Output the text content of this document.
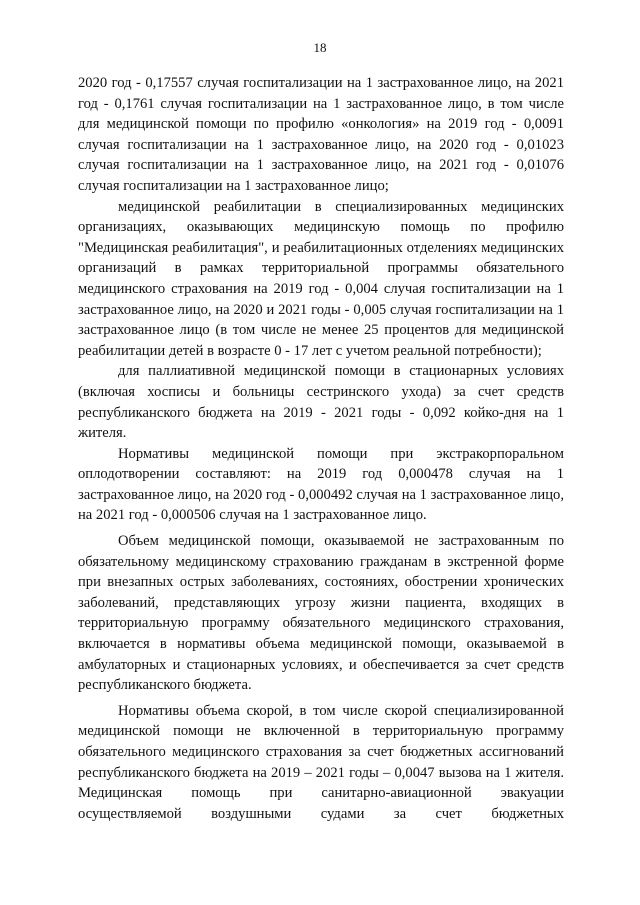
18

2020 год - 0,17557 случая госпитализации на 1 застрахованное лицо, на 2021 год - 0,1761 случая госпитализации на 1 застрахованное лицо, в том числе для медицинской помощи по профилю «онкология» на 2019 год - 0,0091 случая госпитализации на 1 застрахованное лицо, на 2020 год - 0,01023 случая госпитализации на 1 застрахованное лицо, на 2021 год - 0,01076 случая госпитализации на 1 застрахованное лицо;

медицинской реабилитации в специализированных медицинских организациях, оказывающих медицинскую помощь по профилю "Медицинская реабилитация", и реабилитационных отделениях медицинских организаций в рамках территориальной программы обязательного медицинского страхования на 2019 год - 0,004 случая госпитализации на 1 застрахованное лицо, на 2020 и 2021 годы - 0,005 случая госпитализации на 1 застрахованное лицо (в том числе не менее 25 процентов для медицинской реабилитации детей в возрасте 0 - 17 лет с учетом реальной потребности);

для паллиативной медицинской помощи в стационарных условиях (включая хосписы и больницы сестринского ухода) за счет средств республиканского бюджета на 2019 - 2021 годы - 0,092 койко-дня на 1 жителя.

Нормативы медицинской помощи при экстракорпоральном оплодотворении составляют: на 2019 год 0,000478 случая на 1 застрахованное лицо, на 2020 год - 0,000492 случая на 1 застрахованное лицо, на 2021 год - 0,000506 случая на 1 застрахованное лицо.

Объем медицинской помощи, оказываемой не застрахованным по обязательному медицинскому страхованию гражданам в экстренной форме при внезапных острых заболеваниях, состояниях, обострении хронических заболеваний, представляющих угрозу жизни пациента, входящих в территориальную программу обязательного медицинского страхования, включается в нормативы объема медицинской помощи, оказываемой в амбулаторных и стационарных условиях, и обеспечивается за счет средств республиканского бюджета.

Нормативы объема скорой, в том числе скорой специализированной медицинской помощи не включенной в территориальную программу обязательного медицинского страхования за счет бюджетных ассигнований республиканского бюджета на 2019 – 2021 годы – 0,0047 вызова на 1 жителя. Медицинская помощь при санитарно-авиационной эвакуации осуществляемой воздушными судами за счет бюджетных
